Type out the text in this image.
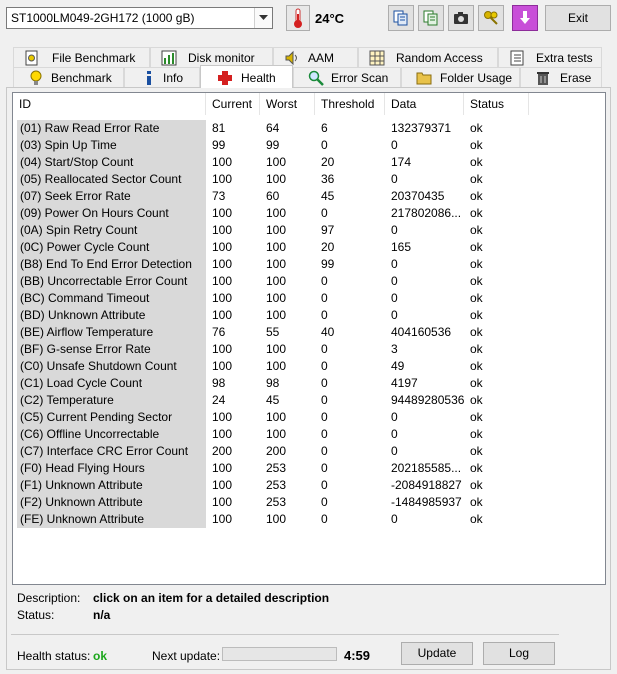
ST1000LM049-2GH172 (1000 gB)	24°C	Exit
File Benchmark	Disk monitor	AAM	Random Access	Extra tests
Benchmark	Info	Health	Error Scan	Folder Usage	Erase
ID	Current	Worst	Threshold	Data	Status
(01) Raw Read Error Rate	81	64	6	132379371	ok
(03) Spin Up Time	99	99	0	0	ok
(04) Start/Stop Count	100	100	20	174	ok
(05) Reallocated Sector Count	100	100	36	0	ok
(07) Seek Error Rate	73	60	45	20370435	ok
(09) Power On Hours Count	100	100	0	217802086... ok
(0A) Spin Retry Count	100	100	97	0	ok
(0C) Power Cycle Count	100	100	20	165	ok
(B8) End To End Error Detection	100	100	99	0	ok
(BB) Uncorrectable Error Count	100	100	0	0	ok
(BC) Command Timeout	100	100	0	0	ok
(BD) Unknown Attribute	100	100	0	0	ok
(BE) Airflow Temperature	76	55	40	404160536	ok
(BF) G-sense Error Rate	100	100	0	3	ok
(C0) Unsafe Shutdown Count	100	100	0	49	ok
(C1) Load Cycle Count	98	98	0	4197	ok
(C2) Temperature	24	45	0	94489280536 ok
(C5) Current Pending Sector	100	100	0	0	ok
(C6) Offline Uncorrectable	100	100	0	0	ok
(C7) Interface CRC Error Count	200	200	0	0	ok
(F0) Head Flying Hours	100	253	0	202185585... ok
(F1) Unknown Attribute	100	253	0	-2084918827 ok
(F2) Unknown Attribute	100	253	0	-1484985937 ok
(FE) Unknown Attribute	100	100	0	0	ok
Description: click on an item for a detailed description
Status:	n/a
Health status: ok	Next update:	4:59	Update	Log
